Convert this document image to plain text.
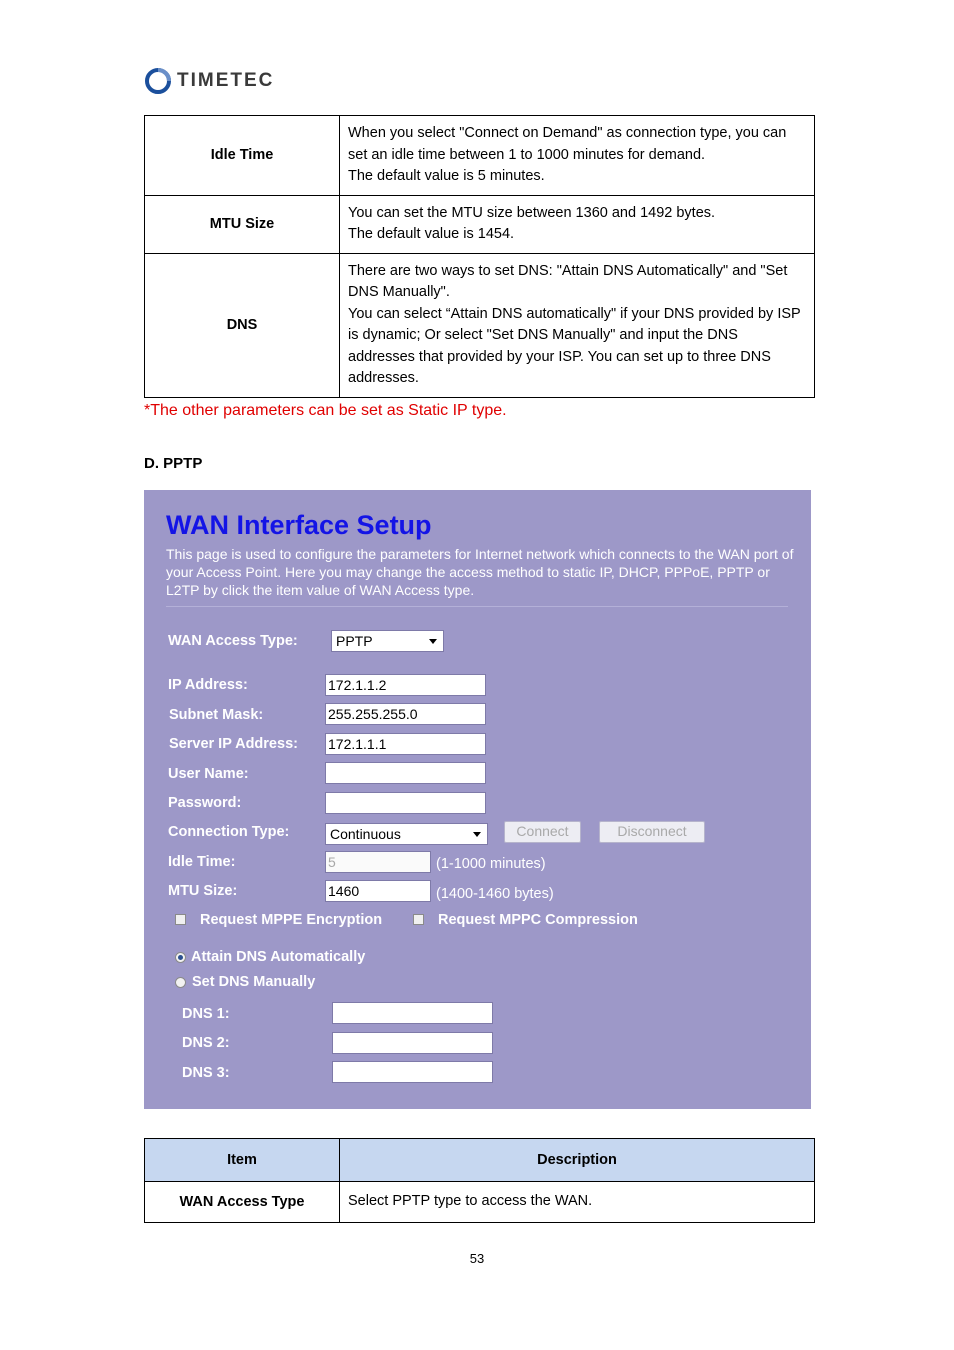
TIMETEC
Idle Time	When you select "Connect on Demand" as connection type, you can set an idle time between 1 to 1000 minutes for demand.
The default value is 5 minutes.

MTU Size	You can set the MTU size between 1360 and 1492 bytes.
The default value is 1454.

DNS	There are two ways to set DNS: "Attain DNS Automatically" and "Set DNS Manually".
You can select “Attain DNS automatically" if your DNS provided by ISP is dynamic; Or select "Set DNS Manually" and input the DNS addresses that provided by your ISP. You can set up to three DNS addresses.
*The other parameters can be set as Static IP type.
D. PPTP
WAN Interface Setup
This page is used to configure the parameters for Internet network which connects to the WAN port of your Access Point. Here you may change the access method to static IP, DHCP, PPPoE, PPTP or L2TP by click the item value of WAN Access type.
WAN Access Type:	PPTP
IP Address:	172.1.1.2
Subnet Mask:	255.255.255.0
Server IP Address: 172.1.1.1
User Name:
Password:
Connection Type:	Continuous	Connect	Disconnect
Idle Time:	5	(1-1000 minutes)
MTU Size:	1460	(1400-1460 bytes)
Request MPPE Encryption	Request MPPC Compression
Attain DNS Automatically
Set DNS Manually
DNS 1:
DNS 2:
DNS 3:
Item	Description
WAN Access Type	Select PPTP type to access the WAN.
53
